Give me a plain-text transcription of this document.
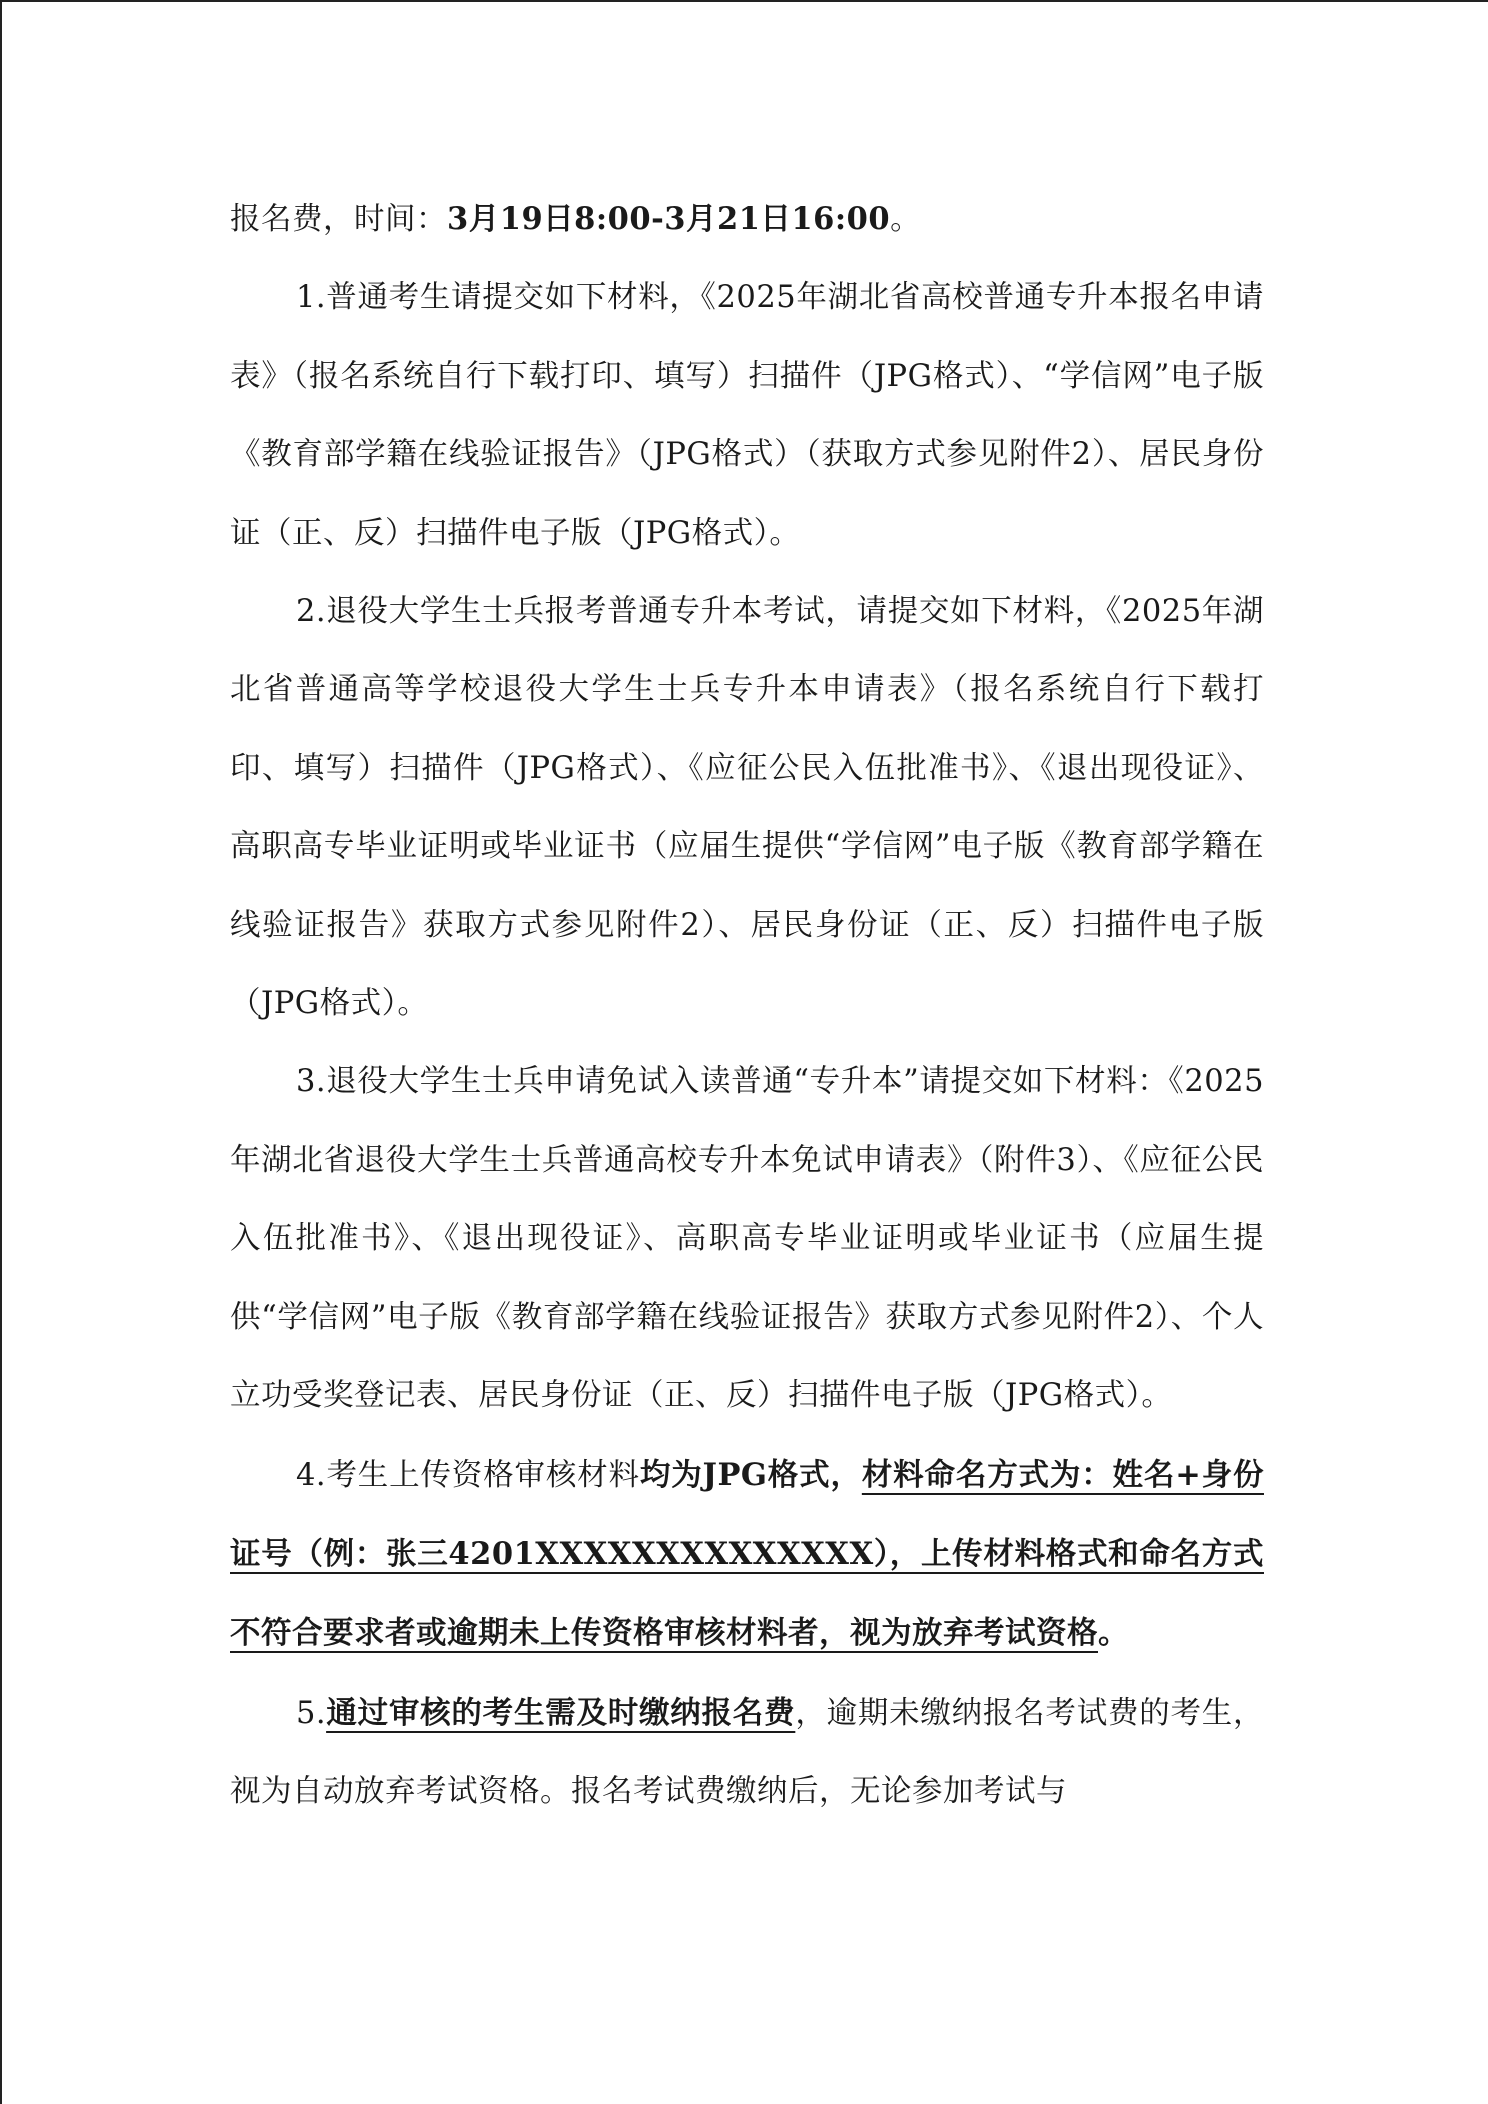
报名费，时间：3月19日8:00-3月21日16:00。

1.普通考生请提交如下材料，《2025年湖北省高校普通专升本报名申请表》（报名系统自行下载打印、填写）扫描件（JPG格式）、“学信网”电子版《教育部学籍在线验证报告》（JPG格式）（获取方式参见附件2）、居民身份证（正、反）扫描件电子版（JPG格式）。

2.退役大学生士兵报考普通专升本考试，请提交如下材料，《2025年湖北省普通高等学校退役大学生士兵专升本申请表》（报名系统自行下载打印、填写）扫描件（JPG格式）、《应征公民入伍批准书》、《退出现役证》、高职高专毕业证明或毕业证书（应届生提供“学信网”电子版《教育部学籍在线验证报告》获取方式参见附件2）、居民身份证（正、反）扫描件电子版（JPG格式）。

3.退役大学生士兵申请免试入读普通“专升本”请提交如下材料：《2025年湖北省退役大学生士兵普通高校专升本免试申请表》（附件3）、《应征公民入伍批准书》、《退出现役证》、高职高专毕业证明或毕业证书（应届生提供“学信网”电子版《教育部学籍在线验证报告》获取方式参见附件2）、个人立功受奖登记表、居民身份证（正、反）扫描件电子版（JPG格式）。

4.考生上传资格审核材料均为JPG格式，材料命名方式为：姓名+身份证号（例：张三4201XXXXXXXXXXXXXX），上传材料格式和命名方式不符合要求者或逾期未上传资格审核材料者，视为放弃考试资格。

5.通过审核的考生需及时缴纳报名费，逾期未缴纳报名考试费的考生，视为自动放弃考试资格。报名考试费缴纳后，无论参加考试与
